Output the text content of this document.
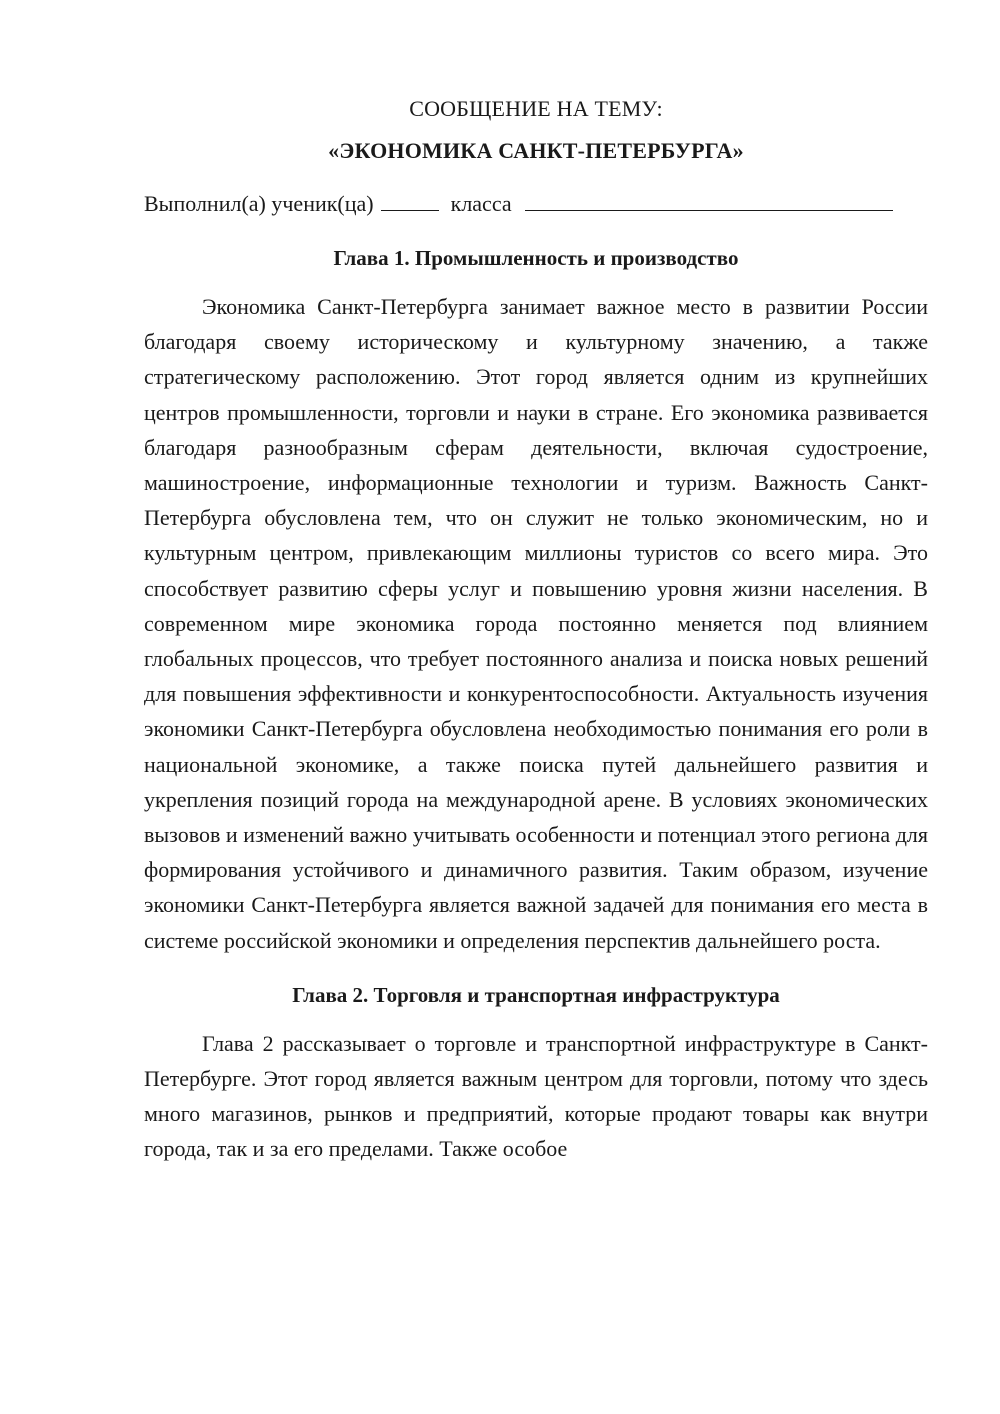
СООБЩЕНИЕ НА ТЕМУ:
«ЭКОНОМИКА САНКТ-ПЕТЕРБУРГА»
Выполнил(а) ученик(ца)	класса
Глава 1. Промышленность и производство

Экономика Санкт-Петербурга занимает важное место в развитии России благодаря своему историческому и культурному значению, а также стратегическому расположению. Этот город является одним из крупнейших центров промышленности, торговли и науки в стране. Его экономика развивается благодаря разнообразным сферам деятельности, включая судостроение, машиностроение, информационные технологии и туризм. Важность Санкт-Петербурга обусловлена тем, что он служит не только экономическим, но и культурным центром, привлекающим миллионы туристов со всего мира. Это способствует развитию сферы услуг и повышению уровня жизни населения. В современном мире экономика города постоянно меняется под влиянием глобальных процессов, что требует постоянного анализа и поиска новых решений для повышения эффективности и конкурентоспособности. Актуальность изучения экономики Санкт-Петербурга обусловлена необходимостью понимания его роли в национальной экономике, а также поиска путей дальнейшего развития и укрепления позиций города на международной арене. В условиях экономических вызовов и изменений важно учитывать особенности и потенциал этого региона для формирования устойчивого и динамичного развития. Таким образом, изучение экономики Санкт-Петербурга является важной задачей для понимания его места в системе российской экономики и определения перспектив дальнейшего роста.

Глава 2. Торговля и транспортная инфраструктура

Глава 2 рассказывает о торговле и транспортной инфраструктуре в Санкт-Петербурге. Этот город является важным центром для торговли, потому что здесь много магазинов, рынков и предприятий, которые продают товары как внутри города, так и за его пределами. Также особое
